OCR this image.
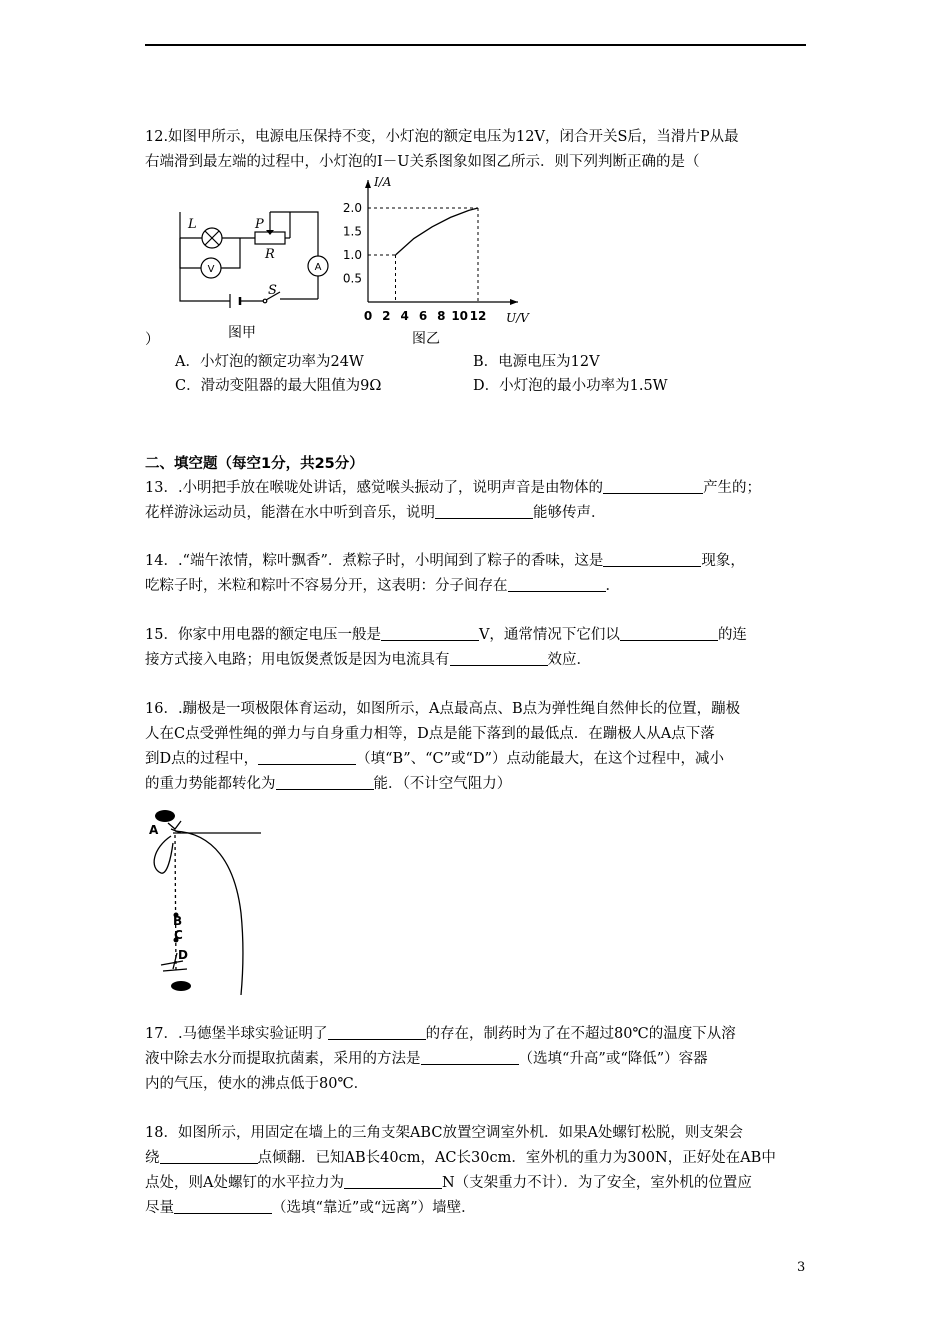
12.如图甲所示，电源电压保持不变，小灯泡的额定电压为12V，闭合开关S后，当滑片P从最
右端滑到最左端的过程中，小灯泡的I－U关系图象如图乙所示．则下列判断正确的是（
L	P
R
S
V	A
）	图甲
I/A
U/V
0 2 4 6 8 10 12
0.5
1.0
1.5
2.0
图乙
A．小灯泡的额定功率为24W	B．电源电压为12V
C．滑动变阻器的最大阻值为9Ω	D．小灯泡的最小功率为1.5W
二、填空题（每空1分，共25分）
13．.小明把手放在喉咙处讲话，感觉喉头振动了，说明声音是由物体的	产生的；
花样游泳运动员，能潜在水中听到音乐，说明	能够传声．
14．.“端午浓情，粽叶飘香”．煮粽子时，小明闻到了粽子的香味，这是	现象，
吃粽子时，米粒和粽叶不容易分开，这表明：分子间存在	．
15．你家中用电器的额定电压一般是	V，通常情况下它们以	的连
接方式接入电路；用电饭煲煮饭是因为电流具有	效应．
16．.蹦极是一项极限体育运动，如图所示，A点最高点、B点为弹性绳自然伸长的位置，蹦极
人在C点受弹性绳的弹力与自身重力相等，D点是能下落到的最低点．在蹦极人从A点下落
到D点的过程中，	（填“B”、“C”或“D”）点动能最大，在这个过程中，减小
的重力势能都转化为	能．（不计空气阻力）
A
B
C
D
17．.马德堡半球实验证明了	的存在，制药时为了在不超过80℃的温度下从溶
液中除去水分而提取抗菌素，采用的方法是	（选填“升高”或“降低”）容器
内的气压，使水的沸点低于80℃．
18．如图所示，用固定在墙上的三角支架ABC放置空调室外机．如果A处螺钉松脱，则支架会
绕	点倾翻．已知AB长40cm，AC长30cm．室外机的重力为300N，正好处在AB中
点处，则A处螺钉的水平拉力为	N（支架重力不计）．为了安全，室外机的位置应
尽量	（选填“靠近”或“远离”）墙壁．
3
